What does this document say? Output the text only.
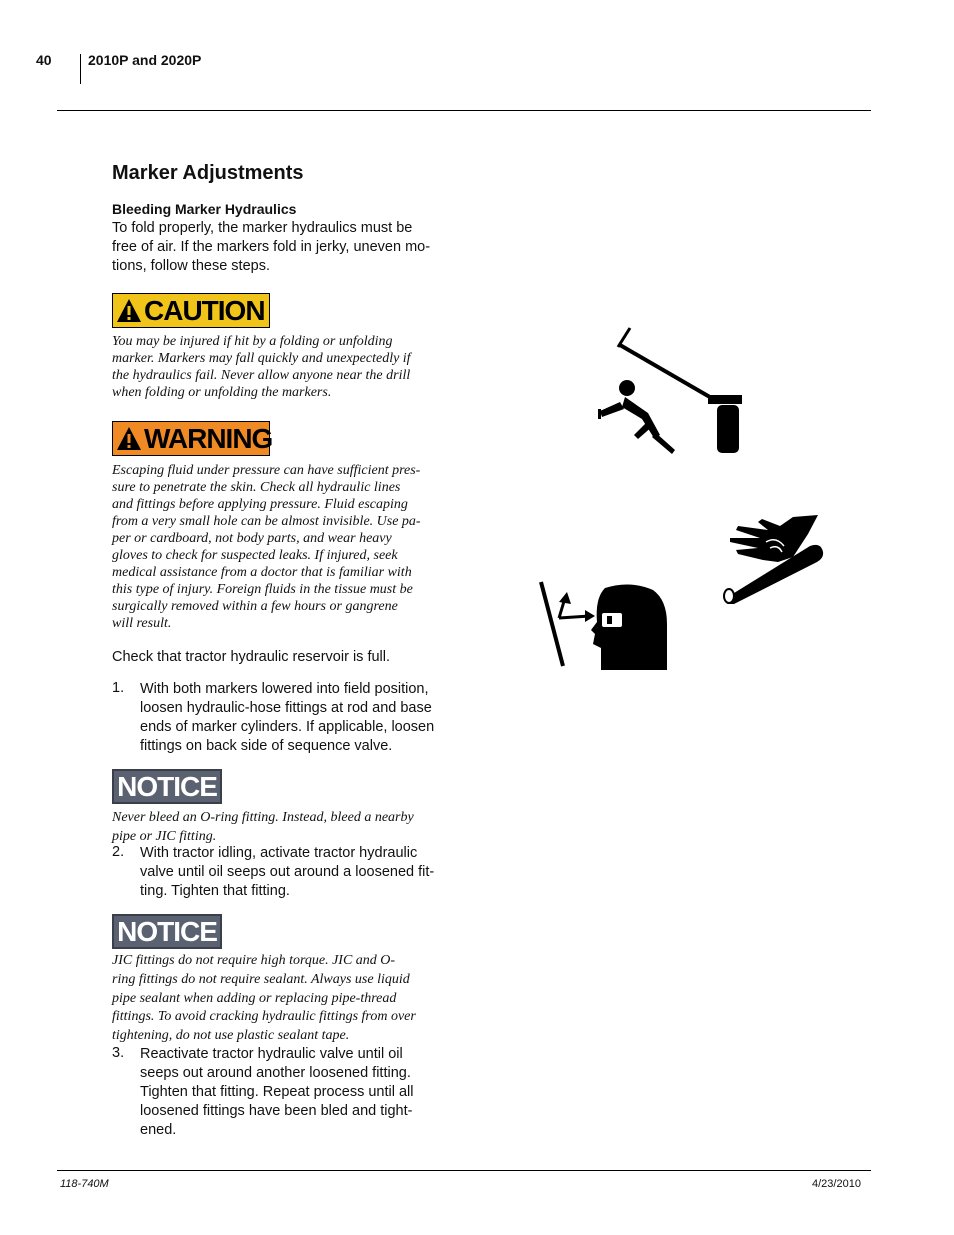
40	2010P and 2020P
Marker Adjustments
Bleeding Marker Hydraulics
To fold properly, the marker hydraulics must be
free of air. If the markers fold in jerky, uneven mo-
tions, follow these steps.
CAUTION
You may be injured if hit by a folding or unfolding
marker. Markers may fall quickly and unexpectedly if
the hydraulics fail. Never allow anyone near the drill
when folding or unfolding the markers.
WARNING
Escaping fluid under pressure can have sufficient pres-
sure to penetrate the skin. Check all hydraulic lines
and fittings before applying pressure. Fluid escaping
from a very small hole can be almost invisible. Use pa-
per or cardboard, not body parts, and wear heavy
gloves to check for suspected leaks. If injured, seek
medical assistance from a doctor that is familiar with
this type of injury. Foreign fluids in the tissue must be
surgically removed within a few hours or gangrene
will result.
Check that tractor hydraulic reservoir is full.
1. With both markers lowered into field position,
loosen hydraulic-hose fittings at rod and base
ends of marker cylinders. If applicable, loosen
fittings on back side of sequence valve.
NOTICE
Never bleed an O-ring fitting. Instead, bleed a nearby
pipe or JIC fitting.
2. With tractor idling, activate tractor hydraulic
valve until oil seeps out around a loosened fit-
ting. Tighten that fitting.
NOTICE
JIC fittings do not require high torque. JIC and O-
ring fittings do not require sealant. Always use liquid
pipe sealant when adding or replacing pipe-thread
fittings. To avoid cracking hydraulic fittings from over
tightening, do not use plastic sealant tape.
3. Reactivate tractor hydraulic valve until oil
seeps out around another loosened fitting.
Tighten that fitting. Repeat process until all
loosened fittings have been bled and tight-
ened.
118-740M	4/23/2010
